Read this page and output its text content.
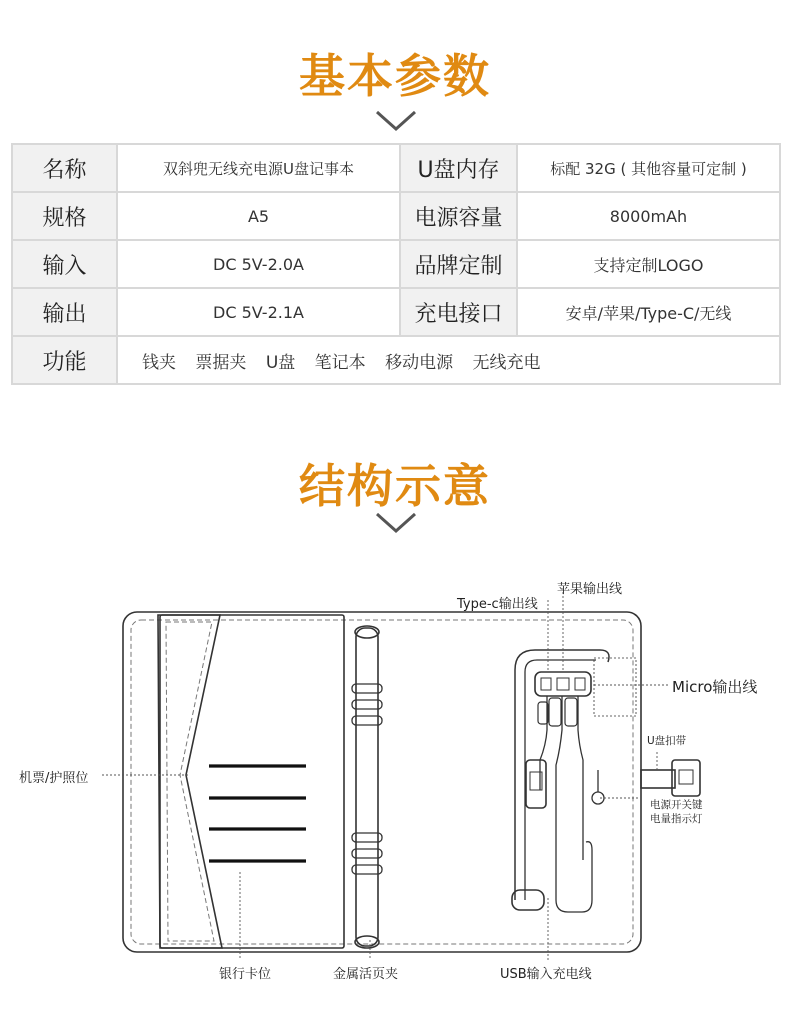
基本参数
名称	双斜兜无线充电源U盘记事本	U盘内存	标配 32G ( 其他容量可定制 )
规格	A5	电源容量	8000mAh
输入	DC 5V-2.0A	品牌定制	支持定制LOGO
输出	DC 5V-2.1A	充电接口	安卓/苹果/Type-C/无线
功能	钱夹 票据夹 U盘 笔记本 移动电源 无线充电		
结构示意
Type-c输出线
苹果输出线
Micro输出线
U盘扣带
电源开关键
电量指示灯
机票/护照位
银行卡位	金属活页夹	USB输入充电线
